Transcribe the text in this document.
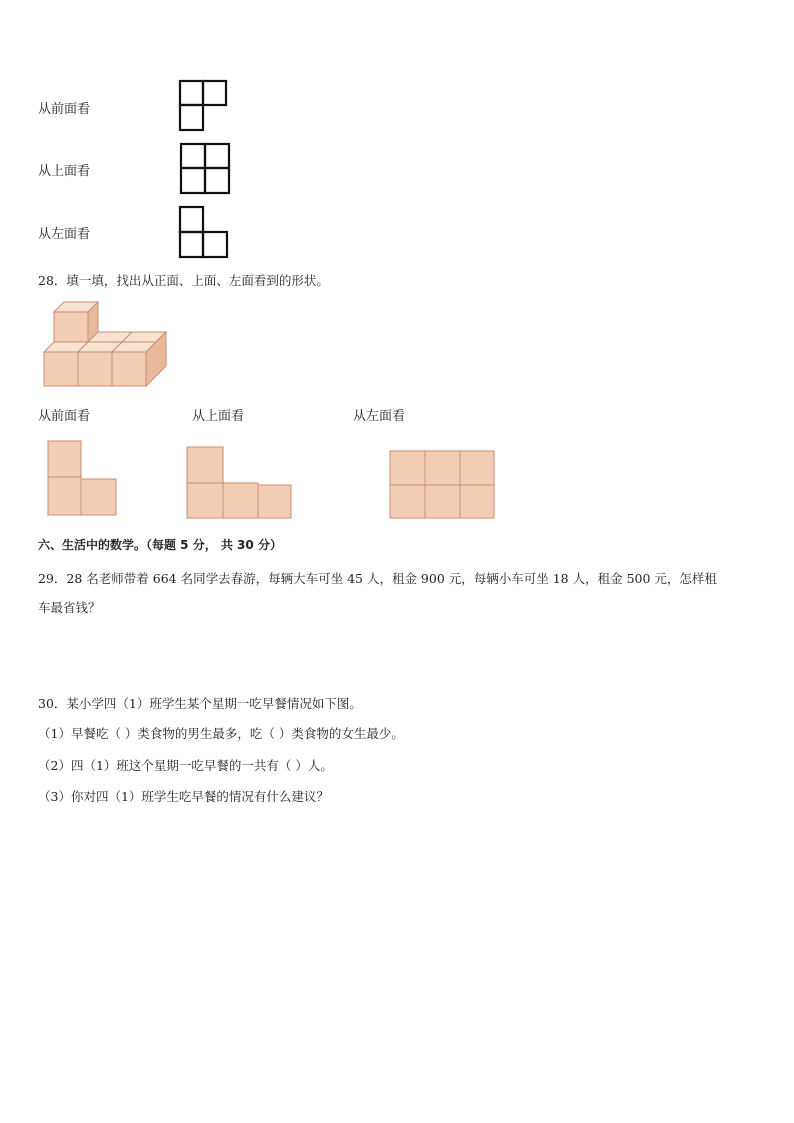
从前面看
从上面看
从左面看
28．填一填，找出从正面、上面、左面看到的形状。
从前面看	从上面看	从左面看
六、生活中的数学。（每题 5 分， 共 30 分）
29．28 名老师带着 664 名同学去春游，每辆大车可坐 45 人，租金 900 元，每辆小车可坐 18 人，租金 500 元，怎样租
车最省钱？
30．某小学四（1）班学生某个星期一吃早餐情况如下图。
（1）早餐吃（ ）类食物的男生最多，吃（ ）类食物的女生最少。
（2）四（1）班这个星期一吃早餐的一共有（ ）人。
（3）你对四（1）班学生吃早餐的情况有什么建议？
